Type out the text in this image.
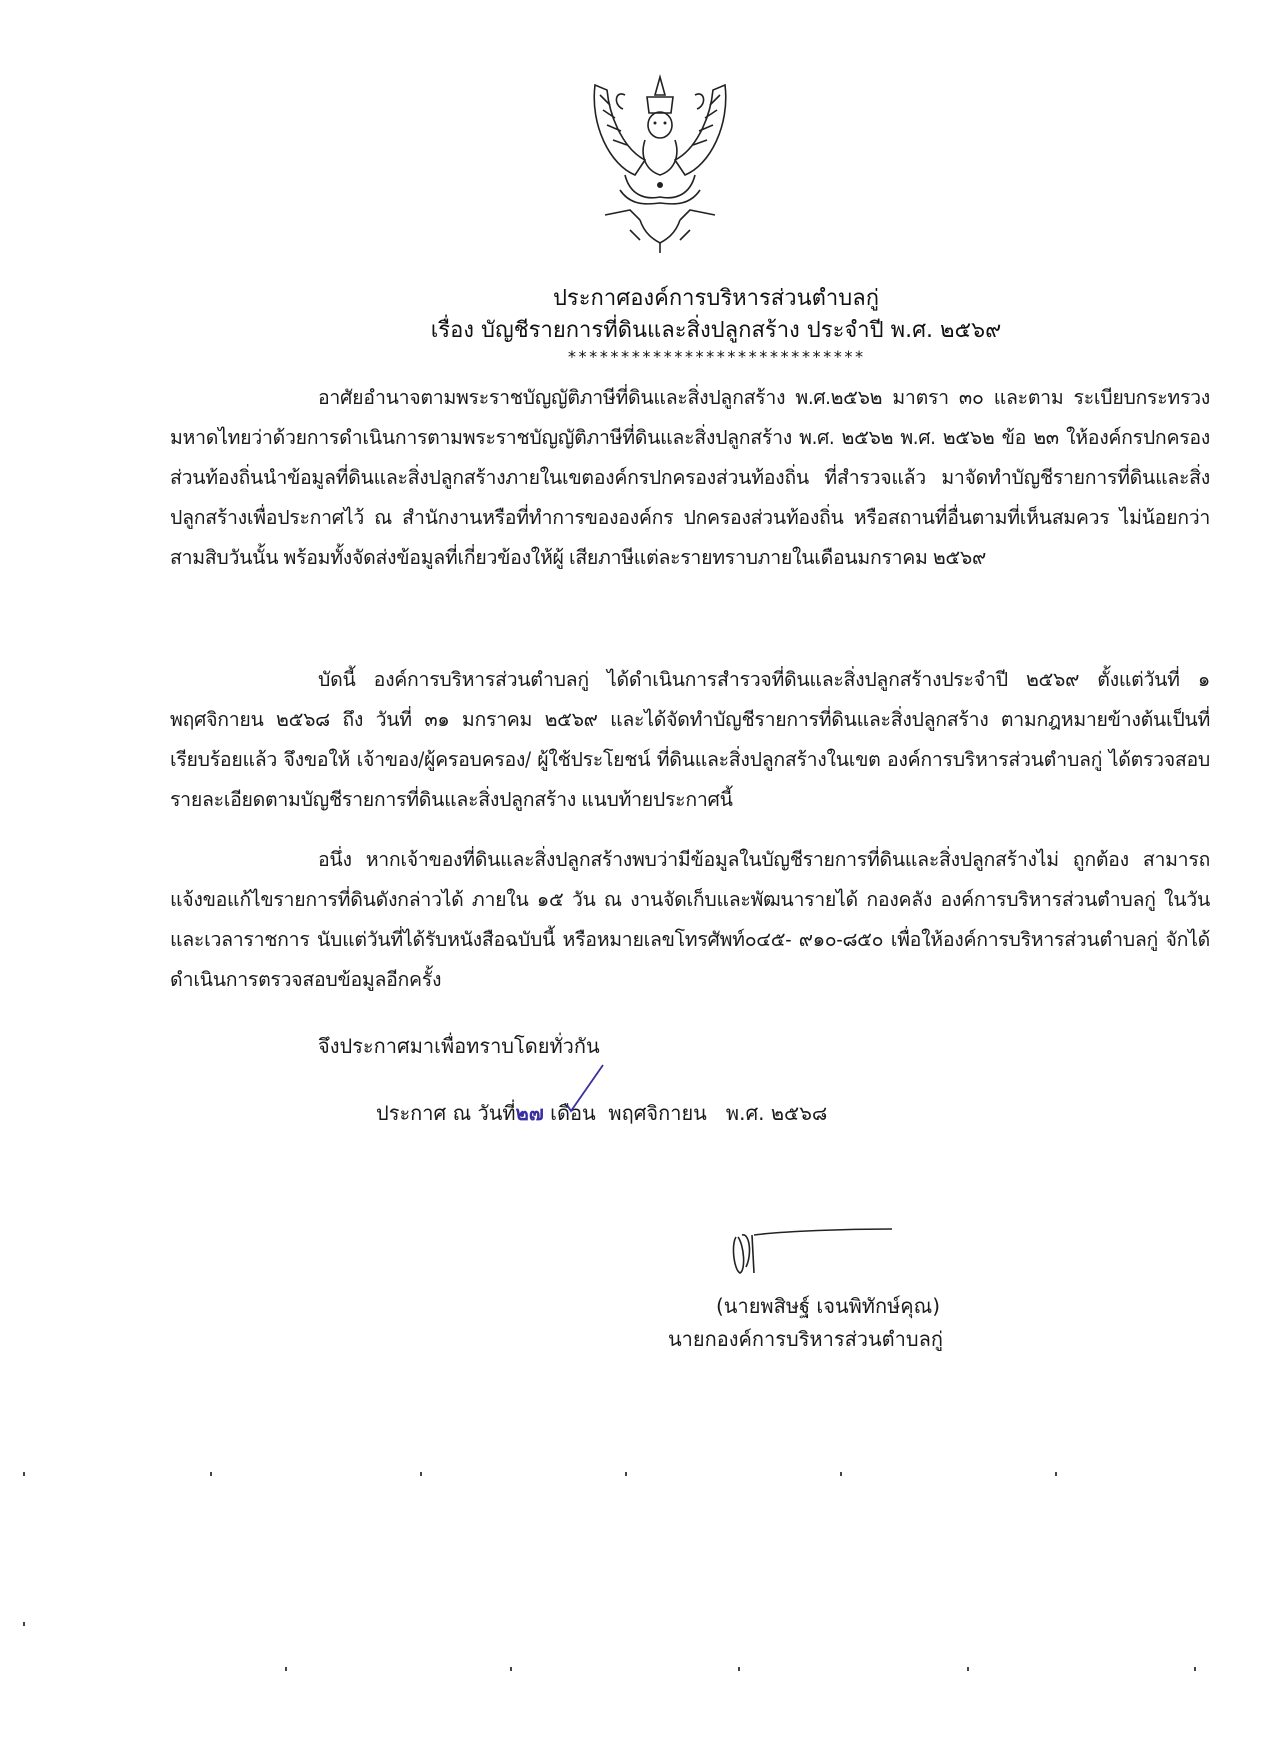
ประกาศองค์การบริหารส่วนตำบลกู่
เรื่อง บัญชีรายการที่ดินและสิ่งปลูกสร้าง ประจำปี พ.ศ. ๒๕๖๙
****************************
อาศัยอำนาจตามพระราชบัญญัติภาษีที่ดินและสิ่งปลูกสร้าง พ.ศ.๒๕๖๒ มาตรา ๓๐ และตาม ระเบียบกระทรวงมหาดไทยว่าด้วยการดำเนินการตามพระราชบัญญัติภาษีที่ดินและสิ่งปลูกสร้าง พ.ศ. ๒๕๖๒ พ.ศ. ๒๕๖๒ ข้อ ๒๓ ให้องค์กรปกครองส่วนท้องถิ่นนำข้อมูลที่ดินและสิ่งปลูกสร้างภายในเขตองค์กรปกครองส่วนท้องถิ่น ที่สำรวจแล้ว มาจัดทำบัญชีรายการที่ดินและสิ่งปลูกสร้างเพื่อประกาศไว้ ณ สำนักงานหรือที่ทำการขององค์กร ปกครองส่วนท้องถิ่น หรือสถานที่อื่นตามที่เห็นสมควร ไม่น้อยกว่าสามสิบวันนั้น พร้อมทั้งจัดส่งข้อมูลที่เกี่ยวข้องให้ผู้ เสียภาษีแต่ละรายทราบภายในเดือนมกราคม ๒๕๖๙
บัดนี้ องค์การบริหารส่วนตำบลกู่ ได้ดำเนินการสำรวจที่ดินและสิ่งปลูกสร้างประจำปี ๒๕๖๙ ตั้งแต่วันที่ ๑ พฤศจิกายน ๒๕๖๘ ถึง วันที่ ๓๑ มกราคม ๒๕๖๙ และได้จัดทำบัญชีรายการที่ดินและสิ่งปลูกสร้าง ตามกฎหมายข้างต้นเป็นที่เรียบร้อยแล้ว จึงขอให้ เจ้าของ/ผู้ครอบครอง/ ผู้ใช้ประโยชน์ ที่ดินและสิ่งปลูกสร้างในเขต องค์การบริหารส่วนตำบลกู่ ได้ตรวจสอบรายละเอียดตามบัญชีรายการที่ดินและสิ่งปลูกสร้าง แนบท้ายประกาศนี้
อนึ่ง หากเจ้าของที่ดินและสิ่งปลูกสร้างพบว่ามีข้อมูลในบัญชีรายการที่ดินและสิ่งปลูกสร้างไม่ ถูกต้อง สามารถแจ้งขอแก้ไขรายการที่ดินดังกล่าวได้ ภายใน ๑๕ วัน ณ งานจัดเก็บและพัฒนารายได้ กองคลัง องค์การบริหารส่วนตำบลกู่ ในวันและเวลาราชการ นับแต่วันที่ได้รับหนังสือฉบับนี้ หรือหมายเลขโทรศัพท์๐๔๕- ๙๑๐-๘๕๐ เพื่อให้องค์การบริหารส่วนตำบลกู่ จักได้ดำเนินการตรวจสอบข้อมูลอีกครั้ง
จึงประกาศมาเพื่อทราบโดยทั่วกัน
ประกาศ ณ วันที่๒๗ เดือน พฤศจิกายน พ.ศ. ๒๕๖๘
(นายพสิษฐ์ เจนพิทักษ์คุณ)
นายกองค์การบริหารส่วนตำบลกู่
